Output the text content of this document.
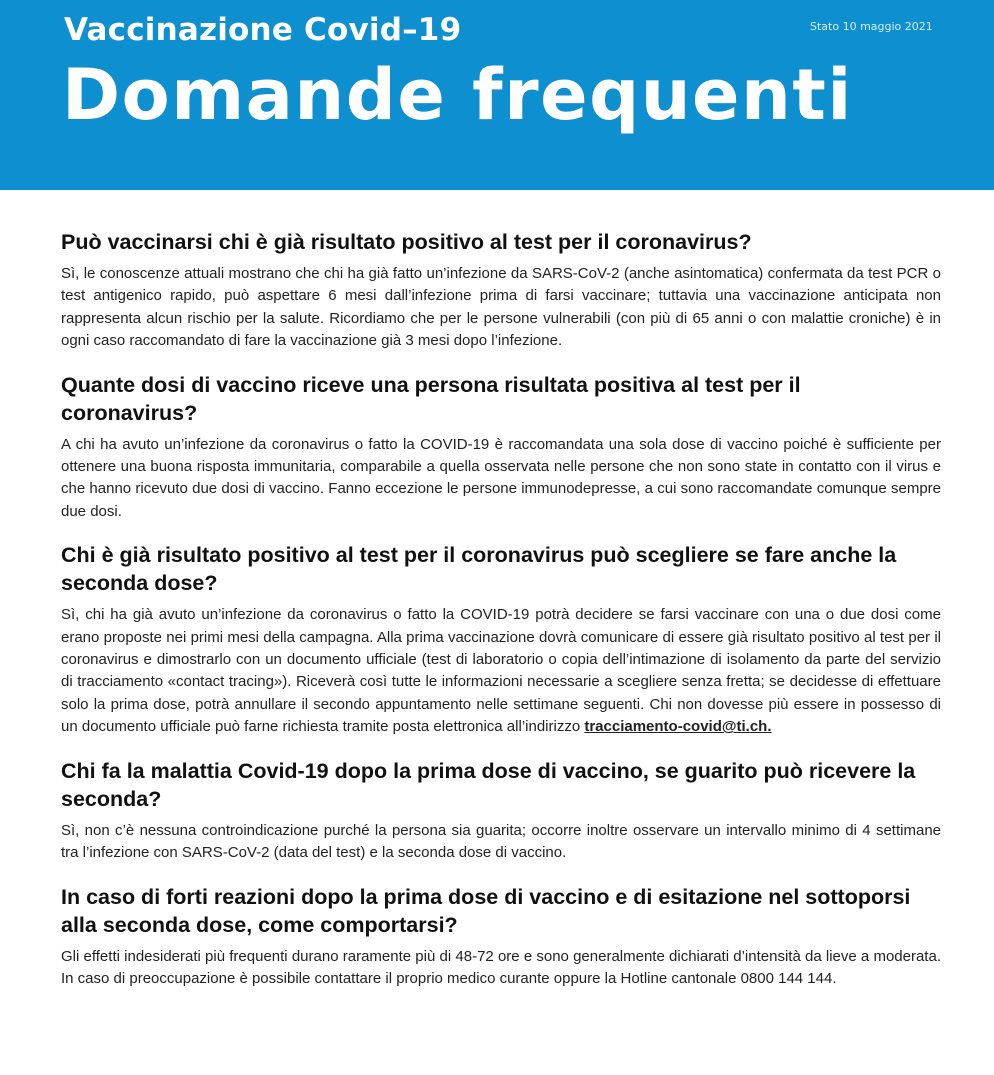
Vaccinazione Covid–19	Stato 10 maggio 2021
Domande frequenti
Può vaccinarsi chi è già risultato positivo al test per il coronavirus?

Sì, le conoscenze attuali mostrano che chi ha già fatto un’infezione da SARS-CoV-2 (anche asintomatica) confermata da test PCR o test antigenico rapido, può aspettare 6 mesi dall’infezione prima di farsi vaccinare; tuttavia una vaccinazione anticipata non rappresenta alcun rischio per la salute. Ricordiamo che per le persone vulnerabili (con più di 65 anni o con malattie croniche) è in ogni caso raccomandato di fare la vaccinazione già 3 mesi dopo l’infezione.

Quante dosi di vaccino riceve una persona risultata positiva al test per il coronavirus?

A chi ha avuto un’infezione da coronavirus o fatto la COVID-19 è raccomandata una sola dose di vaccino poiché è sufficiente per ottenere una buona risposta immunitaria, comparabile a quella osservata nelle persone che non sono state in contatto con il virus e che hanno ricevuto due dosi di vaccino. Fanno eccezione le persone immunodepresse, a cui sono raccomandate comunque sempre due dosi.

Chi è già risultato positivo al test per il coronavirus può scegliere se fare anche la seconda dose?

Sì, chi ha già avuto un’infezione da coronavirus o fatto la COVID-19 potrà decidere se farsi vaccinare con una o due dosi come erano proposte nei primi mesi della campagna. Alla prima vaccinazione dovrà comunicare di essere già risultato positivo al test per il coronavirus e dimostrarlo con un documento ufficiale (test di laboratorio o copia dell’intimazione di isolamento da parte del servizio di tracciamento «contact tracing»). Riceverà così tutte le informazioni necessarie a scegliere senza fretta; se decidesse di effettuare solo la prima dose, potrà annullare il secondo appuntamento nelle settimane seguenti. Chi non dovesse più essere in possesso di un documento ufficiale può farne richiesta tramite posta elettronica all’indirizzo tracciamento-covid@ti.ch.

Chi fa la malattia Covid-19 dopo la prima dose di vaccino, se guarito può ricevere la seconda?

Sì, non c’è nessuna controindicazione purché la persona sia guarita; occorre inoltre osservare un intervallo minimo di 4 settimane tra l’infezione con SARS-CoV-2 (data del test) e la seconda dose di vaccino.

In caso di forti reazioni dopo la prima dose di vaccino e di esitazione nel sottoporsi alla seconda dose, come comportarsi?

Gli effetti indesiderati più frequenti durano raramente più di 48-72 ore e sono generalmente dichiarati d’intensità da lieve a moderata. In caso di preoccupazione è possibile contattare il proprio medico curante oppure la Hotline cantonale 0800 144 144.
